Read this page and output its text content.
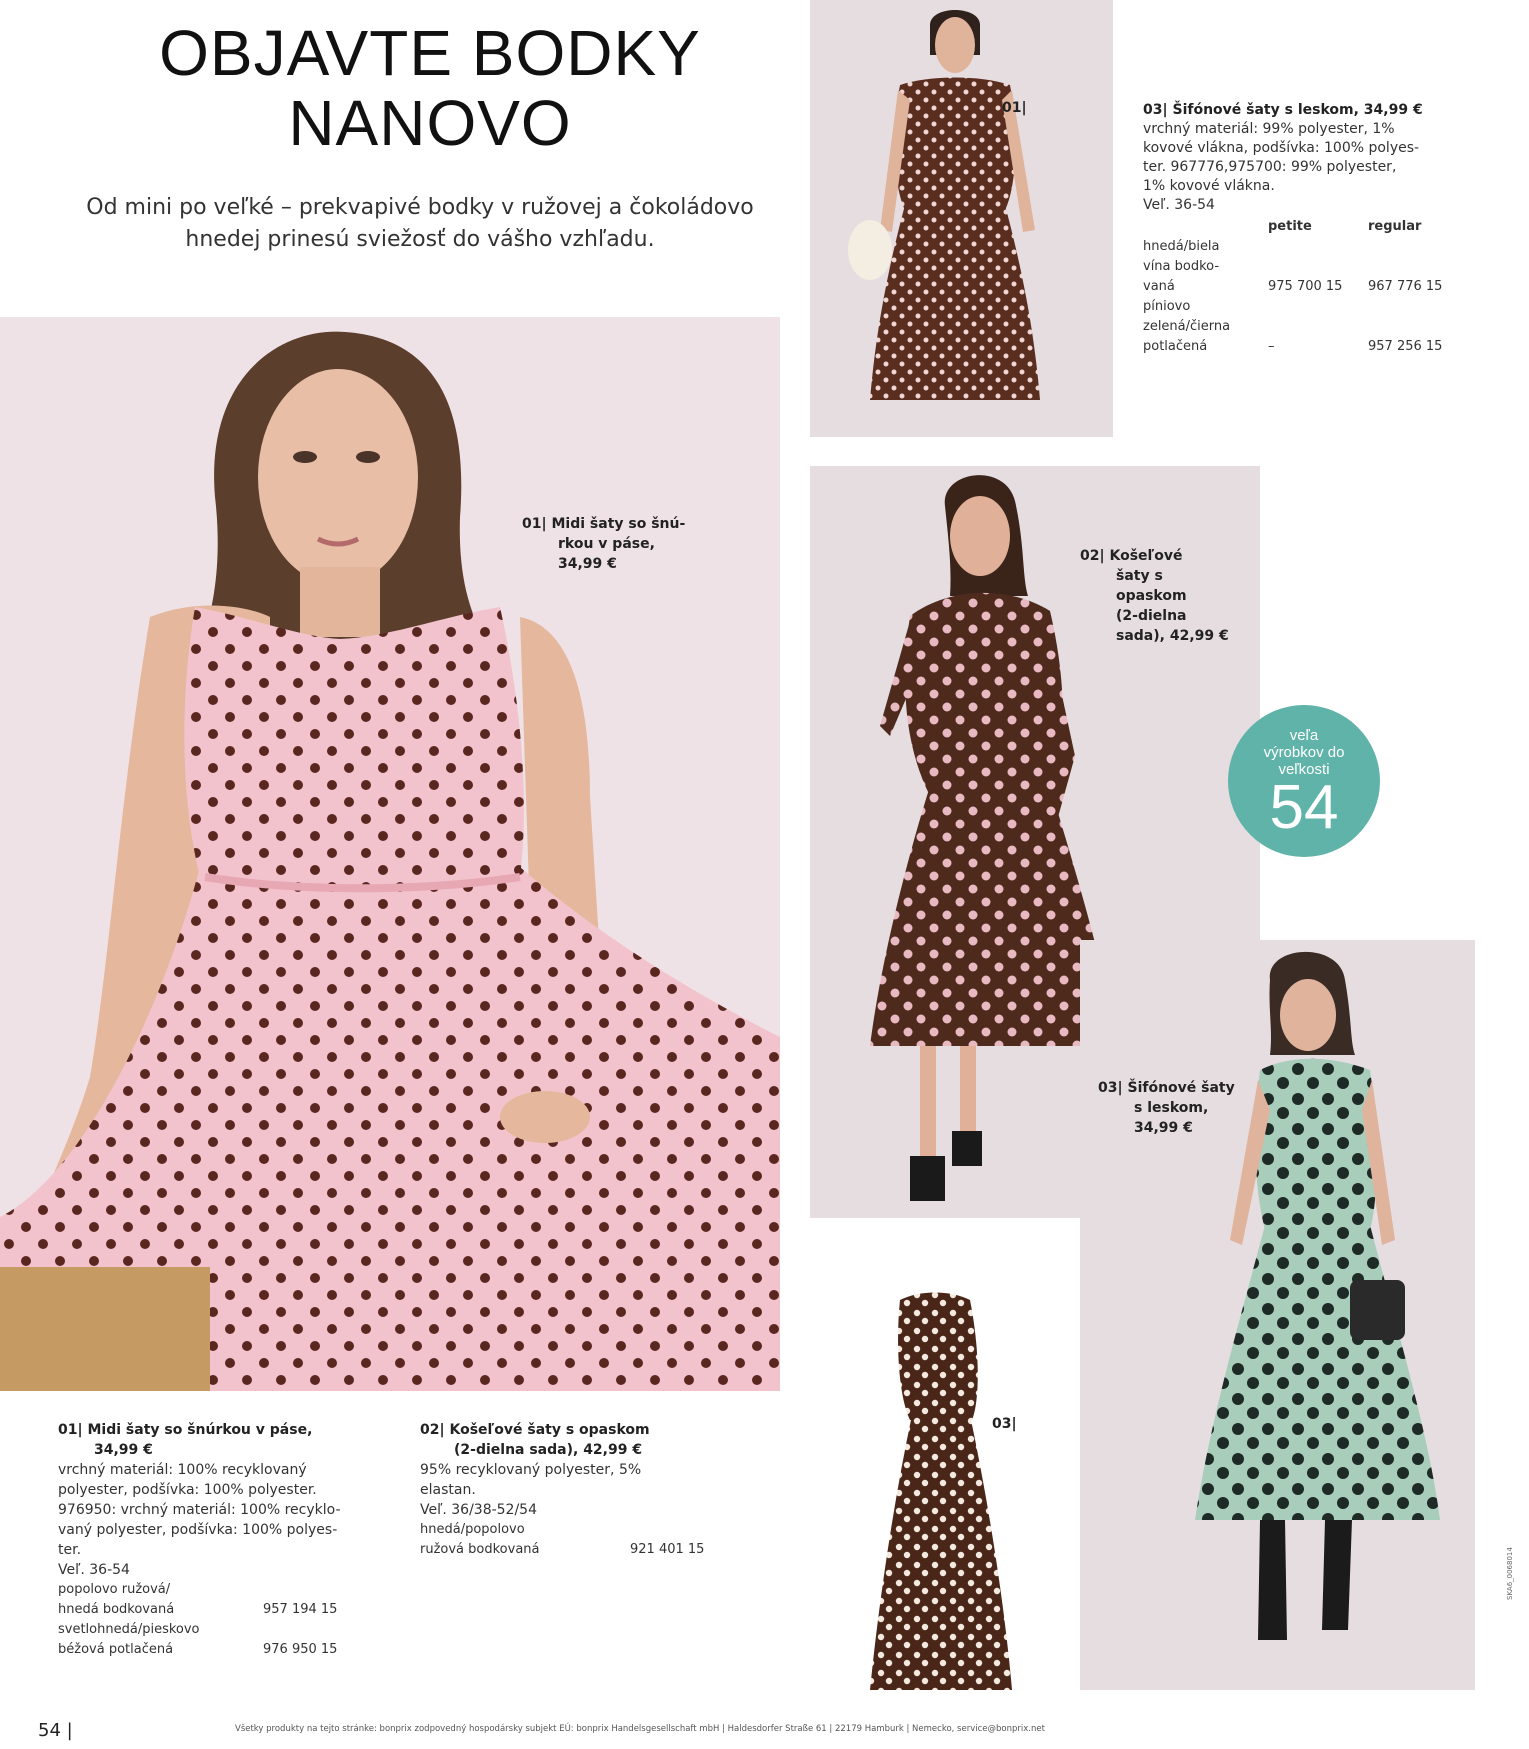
OBJAVTE BODKY
NANOVO
Od mini po veľké – prekvapivé bodky v ružovej a čokoládovo
hnedej prinesú sviežosť do vášho vzhľadu.
01| Midi šaty so šnú-
rkou v páse,
34,99 €
01|	03| Šifónové šaty s leskom, 34,99 €
vrchný materiál: 99% polyester, 1%
kovové vlákna, podšívka: 100% polyes-
ter. 967776,975700: 99% polyester,
1% kovové vlákna.
Veľ. 36-54
	petite	regular

hnedá/biela
vína bodko-
vaná	975 700 15	967 776 15

píniovo
zelená/čierna
potlačená	–	957 256 15
02| Košeľové
šaty s
opaskom
(2-dielna
sada), 42,99 €
veľa
výrobkov do
veľkosti
54
03| Šifónové šaty
s leskom,
34,99 €
03|
01| Midi šaty so šnúrkou v páse,
34,99 €
vrchný materiál: 100% recyklovaný
polyester, podšívka: 100% polyester.
976950: vrchný materiál: 100% recyklo-
vaný polyester, podšívka: 100% polyes-
ter.
Veľ. 36-54
popolovo ružová/
hnedá bodkovaná	957 194 15

svetlohnedá/pieskovo
béžová potlačená	976 950 15
02| Košeľové šaty s opaskom
(2-dielna sada), 42,99 €
95% recyklovaný polyester, 5%
elastan.
Veľ. 36/38-52/54
hnedá/popolovo
ružová bodkovaná	921 401 15
54 |	Všetky produkty na tejto stránke: bonprix zodpovedný hospodársky subjekt EÚ: bonprix Handelsgesellschaft mbH | Haldesdorfer Straße 61 | 22179 Hamburk | Nemecko, service@bonprix.net
SKA6_0068014
